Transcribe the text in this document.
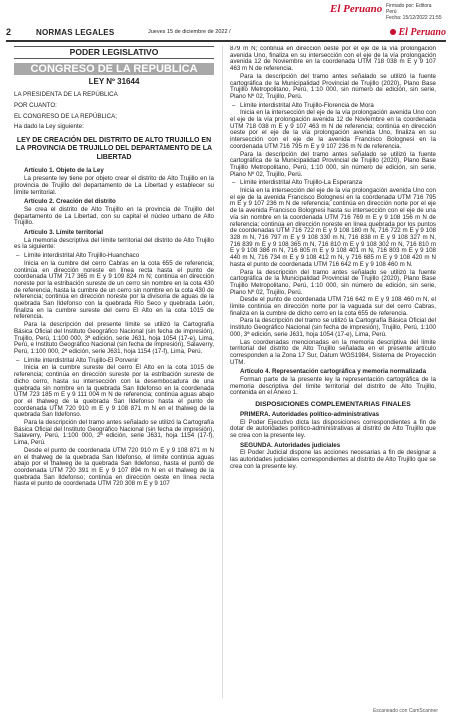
El Peruano Firmado por: Editora
Perú
Fecha: 15/12/2022 21:55
2	NORMAS LEGALES	Jueves 15 de diciembre de 2022 /	El Peruano
PODER LEGISLATIVO
CONGRESO DE LA REPUBLICA
LEY Nº 31644

LA PRESIDENTA DE LA REPÚBLICA

POR CUANTO:

EL CONGRESO DE LA REPÚBLICA;

Ha dado la Ley siguiente:

LEY DE CREACIÓN DEL DISTRITO DE ALTO TRUJILLO EN LA PROVINCIA DE TRUJILLO DEL DEPARTAMENTO DE LA LIBERTAD

Artículo 1. Objeto de la Ley

La presente ley tiene por objeto crear el distrito de Alto Trujillo en la provincia de Trujillo del departamento de La Libertad y establecer su límite territorial.

Artículo 2. Creación del distrito

Se crea el distrito de Alto Trujillo en la provincia de Trujillo del departamento de La Libertad, con su capital el núcleo urbano de Alto Trujillo.

Artículo 3. Límite territorial

La memoria descriptiva del límite territorial del distrito de Alto Trujillo es la siguiente:

– Límite interdistrital Alto Trujillo-Huanchaco

Inicia en la cumbre del cerro Cabras en la cota 655 de referencia; continúa en dirección noreste en línea recta hasta el punto de coordenada UTM 717 365 m E y 9 109 824 m N; continúa en dirección noreste por la estribación sureste de un cerro sin nombre en la cota 430 de referencia, hasta la cumbre de un cerro sin nombre en la cota 430 de referencia; continúa en dirección noreste por la divisoria de aguas de la quebrada San Ildefonso con la quebrada Río Seco y quebrada León, finaliza en la cumbre sureste del cerro El Alto en la cota 1015 de referencia.

Para la descripción del presente límite se utilizó la Cartografía Básica Oficial del Instituto Geográfico Nacional (sin fecha de impresión), Trujillo, Perú, 1:100 000, 3ª edición, serie J631, hoja 1054 (17-e), Lima, Perú, e Instituto Geográfico Nacional (sin fecha de impresión), Salaverry, Perú, 1:100 000, 2ª edición, serie J631, hoja 1154 (17-f), Lima, Perú.

– Límite interdistrital Alto Trujillo-El Porvenir

Inicia en la cumbre sureste del cerro El Alto en la cota 1015 de referencia; continúa en dirección sureste por la estribación sureste de dicho cerro, hasta su intersección con la desembocadura de una quebrada sin nombre en la quebrada San Ildefonso en la coordenada UTM 723 185 m E y 9 111 004 m N de referencia; continúa aguas abajo por el thalweg de la quebrada San Ildefonso hasta el punto de coordenada UTM 720 910 m E y 9 108 871 m N en el thalweg de la quebrada San Ildefonso.

Para la descripción del tramo antes señalado se utilizó la Cartografía Básica Oficial del Instituto Geográfico Nacional (sin fecha de impresión), Salaverry, Perú, 1:100 000, 2ª edición, serie J631, hoja 1154 (17-f), Lima, Perú.

Desde el punto de coordenada UTM 720 910 m E y 9 108 871 m N en el thalweg de la quebrada San Ildefonso, el límite continúa aguas abajo por el thalweg de la quebrada San Ildefonso, hasta el punto de coordenada UTM 720 391 m E y 9 107 894 m N en el thalweg de la quebrada San Ildefonso; continúa en dirección oeste en línea recta hasta el punto de coordenada UTM 720 308 m E y 9 107

879 m N; continúa en dirección oeste por el eje de la vía prolongación avenida Uno, finaliza en su intersección con el eje de la vía prolongación avenida 12 de Noviembre en la coordenada UTM 718 038 m E y 9 107 463 m N de referencia.

Para la descripción del tramo antes señalado se utilizó la fuente cartográfica de la Municipalidad Provincial de Trujillo (2020), Plano Base Trujillo Metropolitano, Perú, 1:10 000, sin número de edición, sin serie, Plano Nº 02, Trujillo, Perú.

– Límite interdistrital Alto Trujillo-Florencia de Mora

Inicia en la intersección del eje de la vía prolongación avenida Uno con el eje de la vía prolongación avenida 12 de Noviembre en la coordenada UTM 718 038 m E y 9 107 463 m N de referencia; continúa en dirección oeste por el eje de la vía prolongación avenida Uno, finaliza en su intersección con el eje de la avenida Francisco Bolognesi en la coordenada UTM 716 795 m E y 9 107 236 m N de referencia.

Para la descripción del tramo antes señalado se utilizó la fuente cartográfica de la Municipalidad Provincial de Trujillo (2020), Plano Base Trujillo Metropolitano, Perú, 1:10 000, sin número de edición, sin serie, Plano Nº 02, Trujillo, Perú.

– Límite interdistrital Alto Trujillo-La Esperanza

Inicia en la intersección del eje de la vía prolongación avenida Uno con el eje de la avenida Francisco Bolognesi en la coordenada UTM 716 795 m E y 9 107 236 m N de referencia; continúa en dirección norte por el eje de la avenida Francisco Bolognesi hasta su intersección con el eje de una vía sin nombre en la coordenada UTM 716 769 m E y 9 108 156 m N de referencia; continúa en dirección noreste en línea quebrada por los puntos de coordenadas UTM 716 722 m E y 9 108 180 m N, 716 722 m E y 9 108 328 m N, 716 797 m E y 9 108 330 m N, 716 838 m E y 9 108 327 m N, 716 839 m E y 9 108 365 m N, 716 810 m E y 9 108 302 m N, 716 810 m E y 9 108 386 m N, 716 805 m E y 9 108 401 m N, 716 803 m E y 9 108 440 m N, 716 734 m E y 9 108 412 m N, y 716 685 m E y 9 108 420 m N hasta el punto de coordenada UTM 716 642 m E y 9 108 460 m N.

Para la descripción del tramo antes señalado se utilizó la fuente cartográfica de la Municipalidad Provincial de Trujillo (2020), Plano Base Trujillo Metropolitano, Perú, 1:10 000, sin número de edición, sin serie, Plano Nº 02, Trujillo, Perú.

Desde el punto de coordenada UTM 716 642 m E y 9 108 460 m N, el límite continúa en dirección norte por la vaguada sur del cerro Cabras, finaliza en la cumbre de dicho cerro en la cota 655 de referencia.

Para la descripción del tramo se utilizó la Cartografía Básica Oficial del Instituto Geográfico Nacional (sin fecha de impresión), Trujillo, Perú, 1:100 000, 3ª edición, serie J631, hoja 1054 (17-e), Lima, Perú.

Las coordenadas mencionadas en la memoria descriptiva del límite territorial del distrito de Alto Trujillo señalada en el presente artículo corresponden a la Zona 17 Sur, Datum WGS1984, Sistema de Proyección UTM.

Artículo 4. Representación cartográfica y memoria normalizada

Forman parte de la presente ley la representación cartográfica de la memoria descriptiva del límite territorial del distrito de Alto Trujillo, contenida en el Anexo 1.

DISPOSICIONES COMPLEMENTARIAS FINALES

PRIMERA. Autoridades político-administrativas

El Poder Ejecutivo dicta las disposiciones correspondientes a fin de dotar de autoridades político-administrativas al distrito de Alto Trujillo que se crea con la presente ley.

SEGUNDA. Autoridades judiciales

El Poder Judicial dispone las acciones necesarias a fin de designar a las autoridades judiciales correspondientes al distrito de Alto Trujillo que se crea con la presente ley.

Escaneado con CamScanner
